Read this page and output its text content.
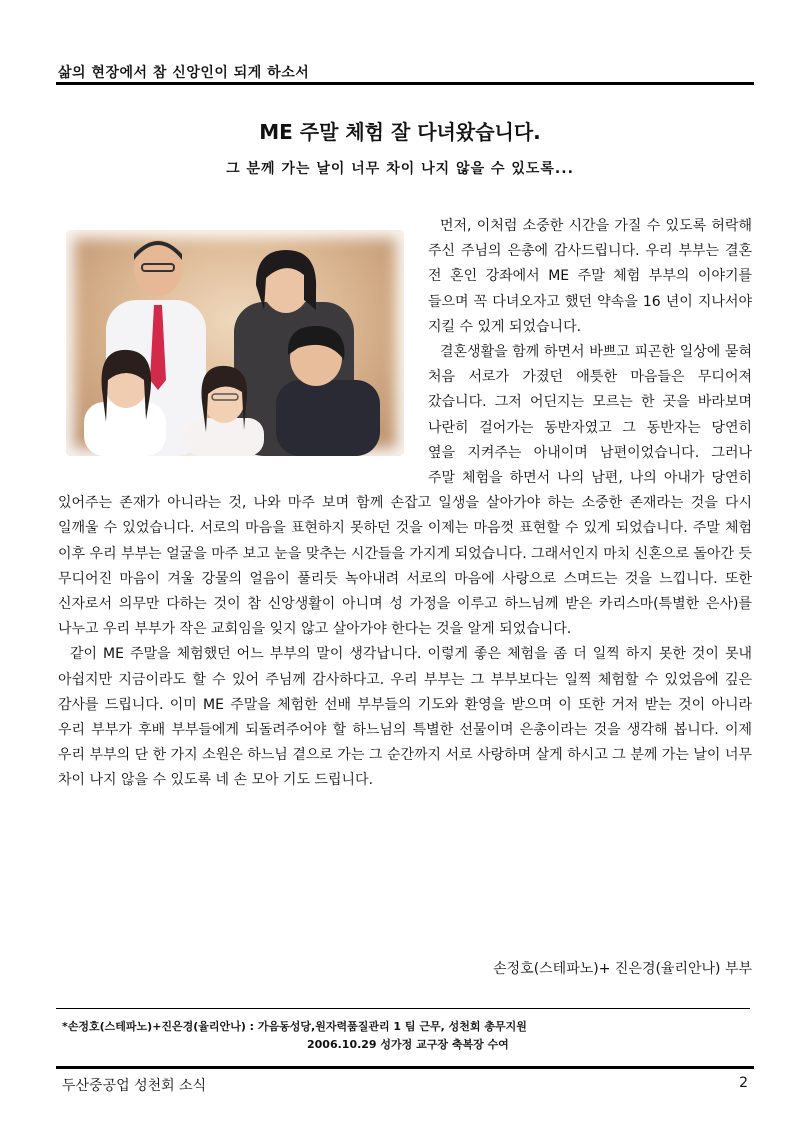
삶의 현장에서 참 신앙인이 되게 하소서
ME 주말 체험 잘 다녀왔습니다.
그 분께 가는 날이 너무 차이 나지 않을 수 있도록...

먼저, 이처럼 소중한 시간을 가질 수 있도록 허락해 주신 주님의 은총에 감사드립니다. 우리 부부는 결혼 전 혼인 강좌에서 ME 주말 체험 부부의 이야기를 들으며 꼭 다녀오자고 했던 약속을 16 년이 지나서야 지킬 수 있게 되었습니다.

결혼생활을 함께 하면서 바쁘고 피곤한 일상에 묻혀 처음 서로가 가졌던 애틋한 마음들은 무디어져 갔습니다. 그저 어딘지는 모르는 한 곳을 바라보며 나란히 걸어가는 동반자였고 그 동반자는 당연히 옆을 지켜주는 아내이며 남편이었습니다. 그러나 주말 체험을 하면서 나의 남편, 나의 아내가 당연히 있어주는 존재가 아니라는 것, 나와 마주 보며 함께 손잡고 일생을 살아가야 하는 소중한 존재라는 것을 다시 일깨울 수 있었습니다. 서로의 마음을 표현하지 못하던 것을 이제는 마음껏 표현할 수 있게 되었습니다. 주말 체험 이후 우리 부부는 얼굴을 마주 보고 눈을 맞추는 시간들을 가지게 되었습니다. 그래서인지 마치 신혼으로 돌아간 듯 무디어진 마음이 겨울 강물의 얼음이 풀리듯 녹아내려 서로의 마음에 사랑으로 스며드는 것을 느낍니다. 또한 신자로서 의무만 다하는 것이 참 신앙생활이 아니며 성 가정을 이루고 하느님께 받은 카리스마(특별한 은사)를 나누고 우리 부부가 작은 교회임을 잊지 않고 살아가야 한다는 것을 알게 되었습니다.

같이 ME 주말을 체험했던 어느 부부의 말이 생각납니다. 이렇게 좋은 체험을 좀 더 일찍 하지 못한 것이 못내 아쉽지만 지금이라도 할 수 있어 주님께 감사하다고. 우리 부부는 그 부부보다는 일찍 체험할 수 있었음에 깊은 감사를 드립니다. 이미 ME 주말을 체험한 선배 부부들의 기도와 환영을 받으며 이 또한 거저 받는 것이 아니라 우리 부부가 후배 부부들에게 되돌려주어야 할 하느님의 특별한 선물이며 은총이라는 것을 생각해 봅니다. 이제 우리 부부의 단 한 가지 소원은 하느님 곁으로 가는 그 순간까지 서로 사랑하며 살게 하시고 그 분께 가는 날이 너무 차이 나지 않을 수 있도록 네 손 모아 기도 드립니다.

손정호(스테파노)+ 진은경(율리안나) 부부
*손정호(스테파노)+진은경(율리안나) : 가음동성당,원자력품질관리 1 팀 근무, 성천회 총무지원
2006.10.29 성가정 교구장 축복장 수여
두산중공업 성천회 소식	2
